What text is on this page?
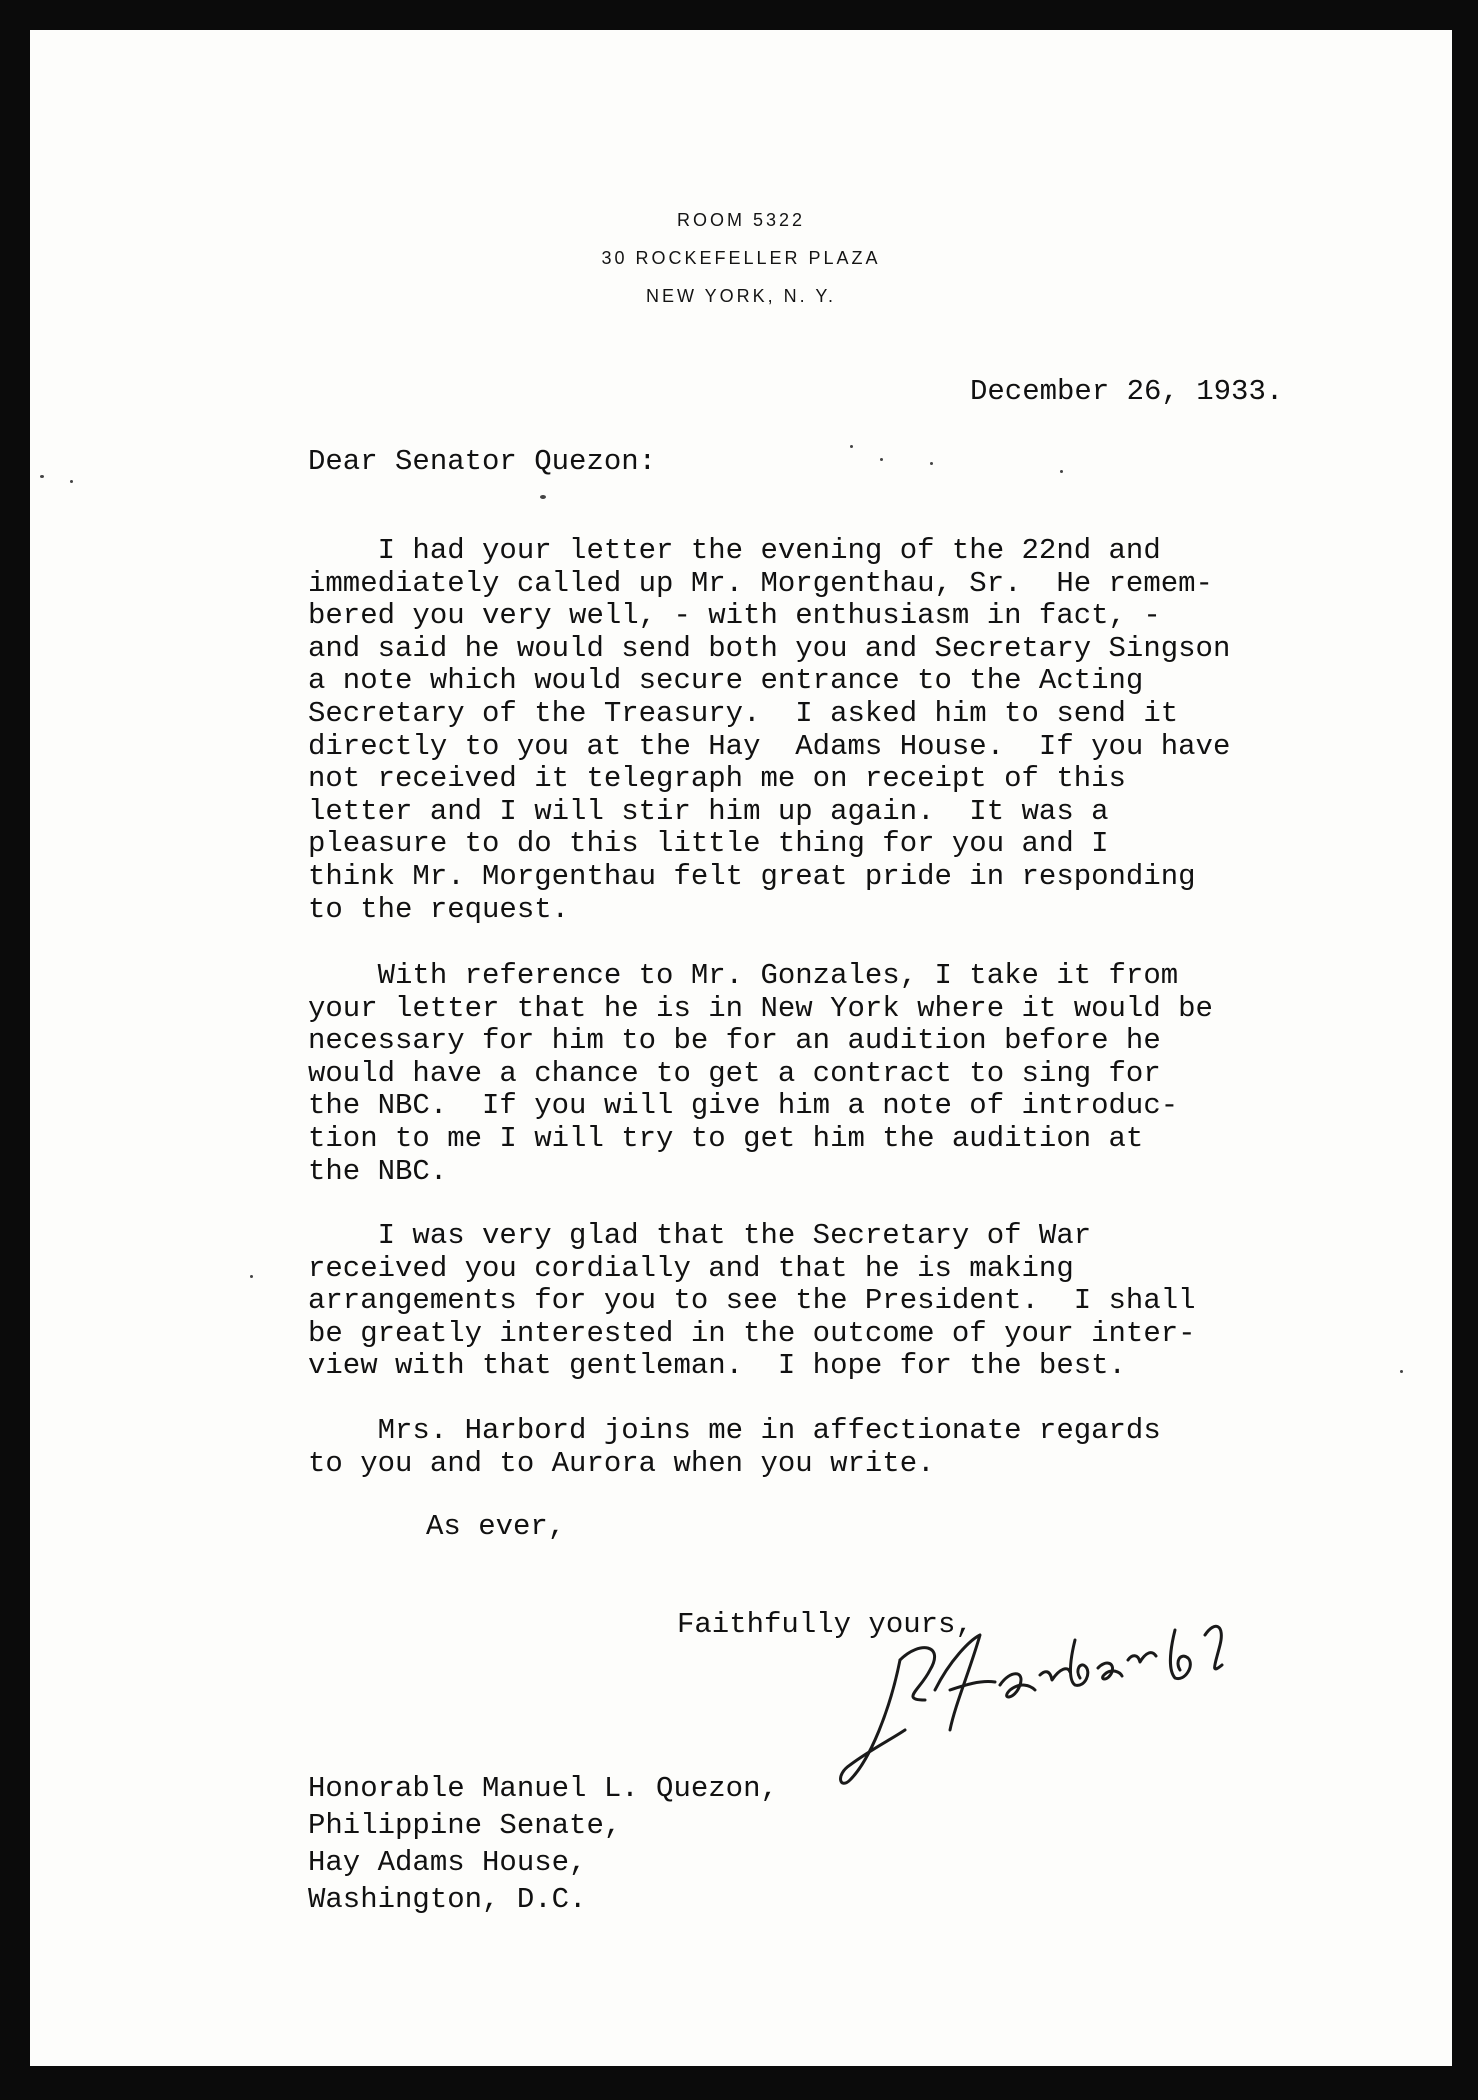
ROOM 5322
30 ROCKEFELLER PLAZA
NEW YORK, N. Y.
December 26, 1933.
Dear Senator Quezon:
I had your letter the evening of the 22nd and
immediately called up Mr. Morgenthau, Sr.  He remem-
bered you very well, - with enthusiasm in fact, -
and said he would send both you and Secretary Singson
a note which would secure entrance to the Acting
Secretary of the Treasury.  I asked him to send it
directly to you at the Hay  Adams House.  If you have
not received it telegraph me on receipt of this
letter and I will stir him up again.  It was a
pleasure to do this little thing for you and I
think Mr. Morgenthau felt great pride in responding
to the request.
With reference to Mr. Gonzales, I take it from
your letter that he is in New York where it would be
necessary for him to be for an audition before he
would have a chance to get a contract to sing for
the NBC.  If you will give him a note of introduc-
tion to me I will try to get him the audition at
the NBC.
I was very glad that the Secretary of War
received you cordially and that he is making
arrangements for you to see the President.  I shall
be greatly interested in the outcome of your inter-
view with that gentleman.  I hope for the best.
Mrs. Harbord joins me in affectionate regards
to you and to Aurora when you write.
As ever,
Faithfully yours,
Honorable Manuel L. Quezon,
Philippine Senate,
Hay Adams House,
Washington, D.C.
